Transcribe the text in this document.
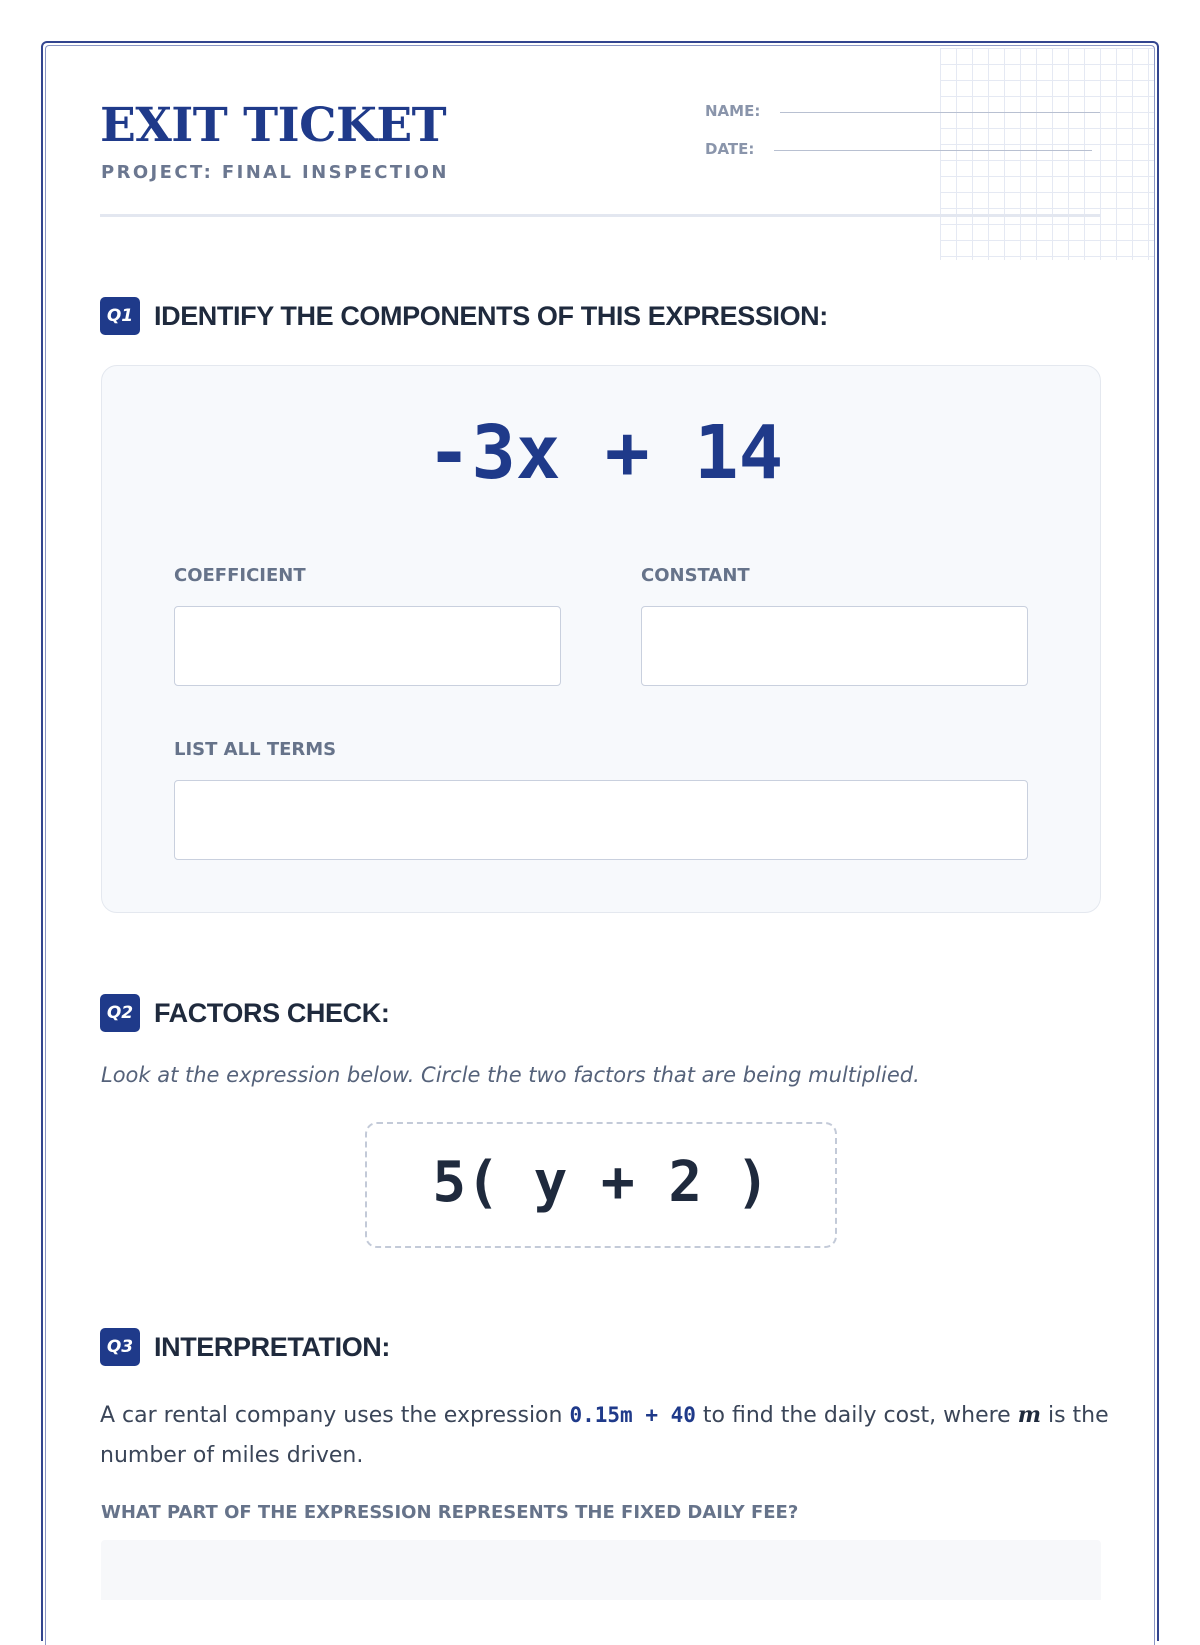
EXIT TICKET
PROJECT: FINAL INSPECTION
NAME:
DATE:
Q1 IDENTIFY THE COMPONENTS OF THIS EXPRESSION:
-3x + 14
COEFFICIENT	CONSTANT
LIST ALL TERMS
Q2 FACTORS CHECK:
Look at the expression below. Circle the two factors that are being multiplied.
5( y + 2 )
Q3 INTERPRETATION:
A car rental company uses the expression 0.15m + 40 to find the daily cost, where m is the number of miles driven.
WHAT PART OF THE EXPRESSION REPRESENTS THE FIXED DAILY FEE?
